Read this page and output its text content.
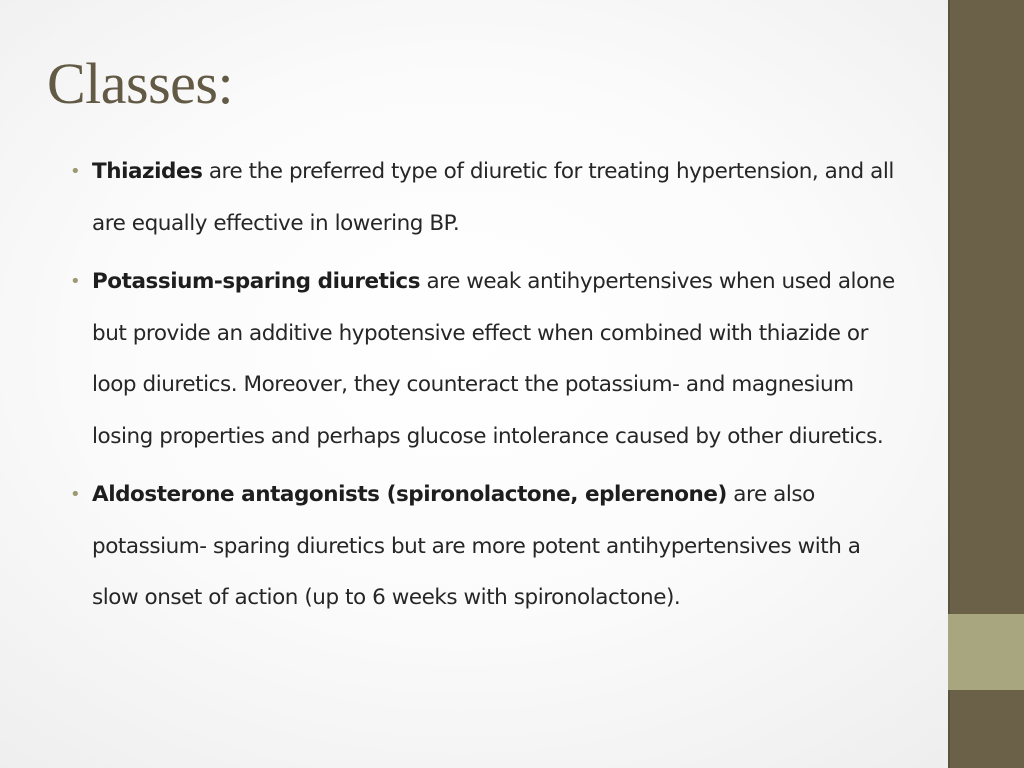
Classes:
• Thiazides are the preferred type of diuretic for treating hypertension, and all are equally effective in lowering BP.
• Potassium-sparing diuretics are weak antihypertensives when used alone but provide an additive hypotensive effect when combined with thiazide or loop diuretics. Moreover, they counteract the potassium- and magnesium losing properties and perhaps glucose intolerance caused by other diuretics.
• Aldosterone antagonists (spironolactone, eplerenone) are also potassium- sparing diuretics but are more potent antihypertensives with a slow onset of action (up to 6 weeks with spironolactone).
